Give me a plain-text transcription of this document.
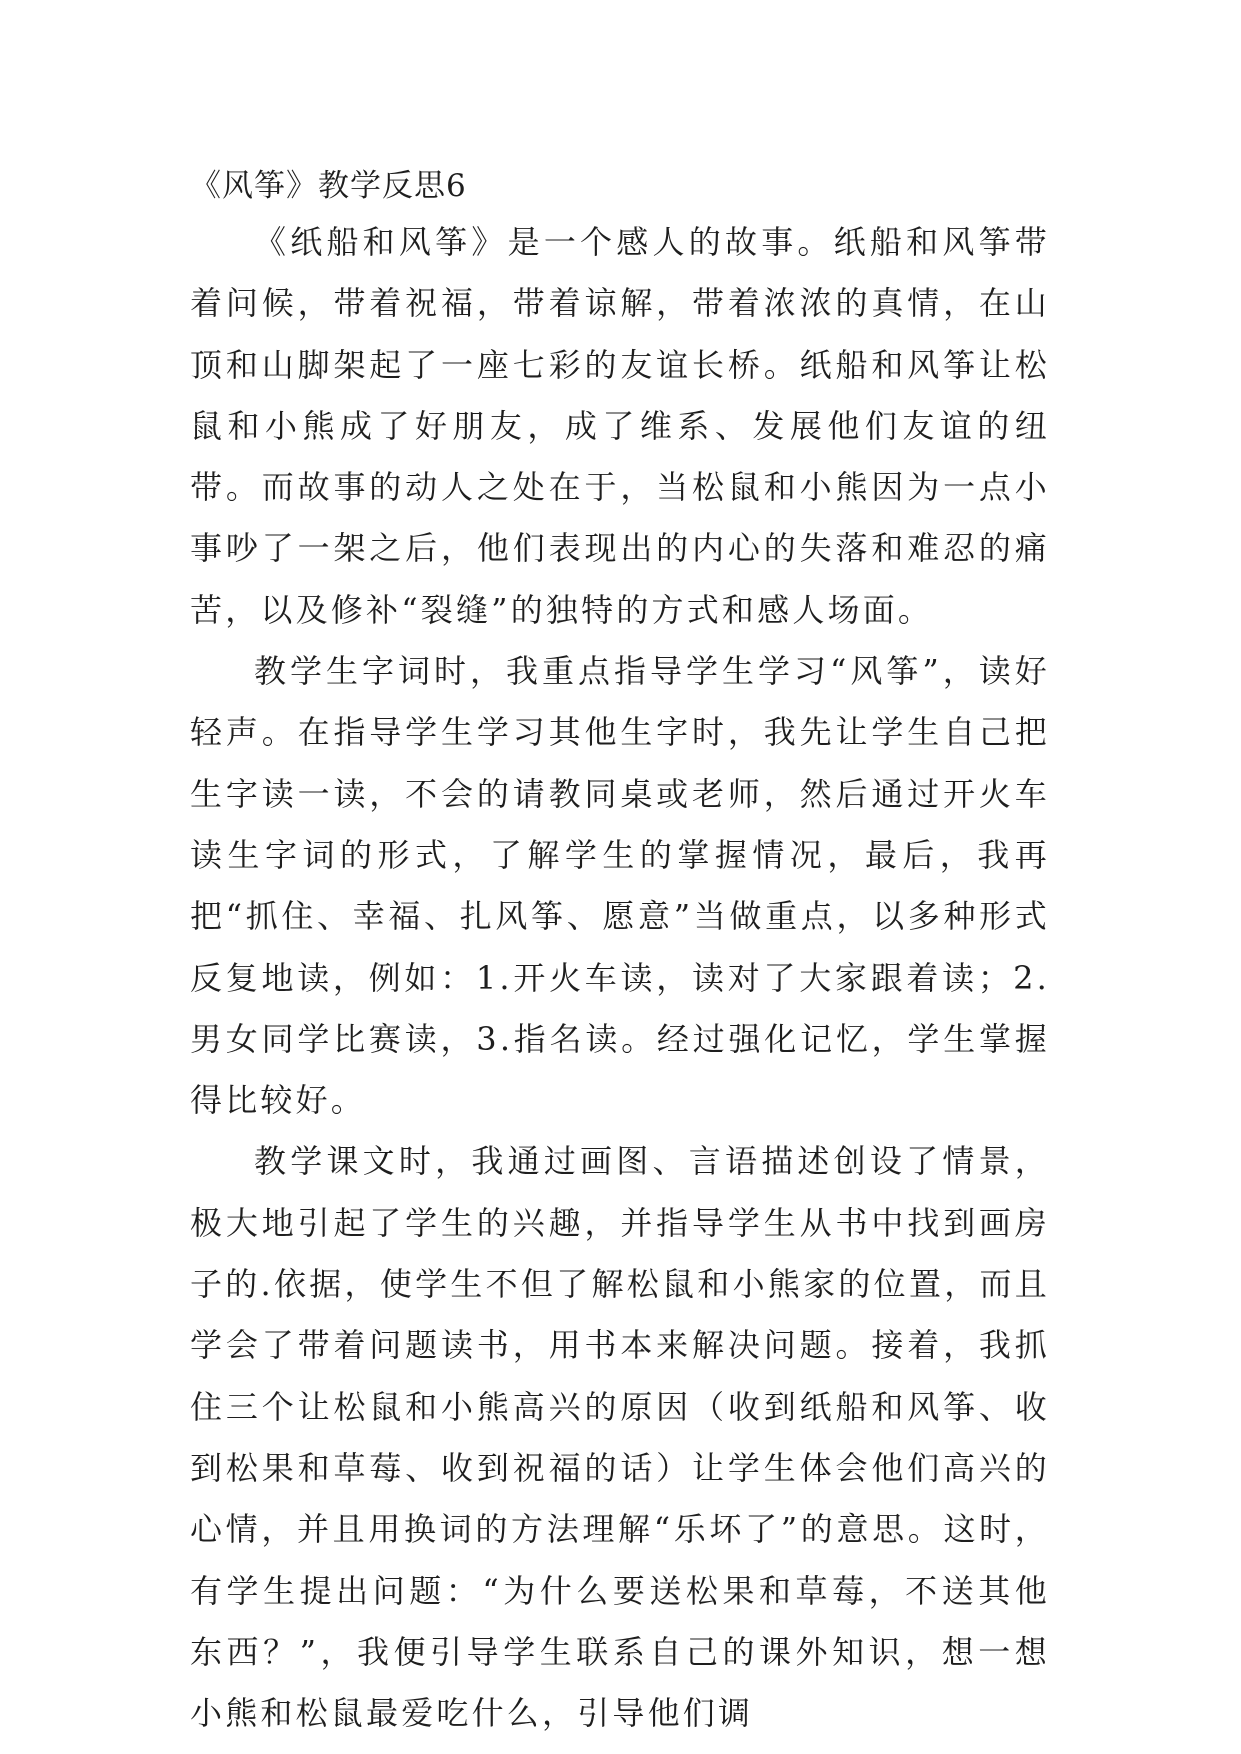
《风筝》教学反思6

《纸船和风筝》是一个感人的故事。纸船和风筝带着问候，带着祝福，带着谅解，带着浓浓的真情，在山顶和山脚架起了一座七彩的友谊长桥。纸船和风筝让松鼠和小熊成了好朋友，成了维系、发展他们友谊的纽带。而故事的动人之处在于，当松鼠和小熊因为一点小事吵了一架之后，他们表现出的内心的失落和难忍的痛苦，以及修补“裂缝”的独特的方式和感人场面。

教学生字词时，我重点指导学生学习“风筝”，读好轻声。在指导学生学习其他生字时，我先让学生自己把生字读一读，不会的请教同桌或老师，然后通过开火车读生字词的形式，了解学生的掌握情况，最后，我再把“抓住、幸福、扎风筝、愿意”当做重点，以多种形式反复地读，例如：1.开火车读，读对了大家跟着读；2.男女同学比赛读，3.指名读。经过强化记忆，学生掌握得比较好。

教学课文时，我通过画图、言语描述创设了情景，极大地引起了学生的兴趣，并指导学生从书中找到画房子的.依据，使学生不但了解松鼠和小熊家的位置，而且学会了带着问题读书，用书本来解决问题。接着，我抓住三个让松鼠和小熊高兴的原因（收到纸船和风筝、收到松果和草莓、收到祝福的话）让学生体会他们高兴的心情，并且用换词的方法理解“乐坏了”的意思。这时，有学生提出问题：“为什么要送松果和草莓，不送其他东西？”，我便引导学生联系自己的课外知识，想一想小熊和松鼠最爱吃什么，引导他们调
